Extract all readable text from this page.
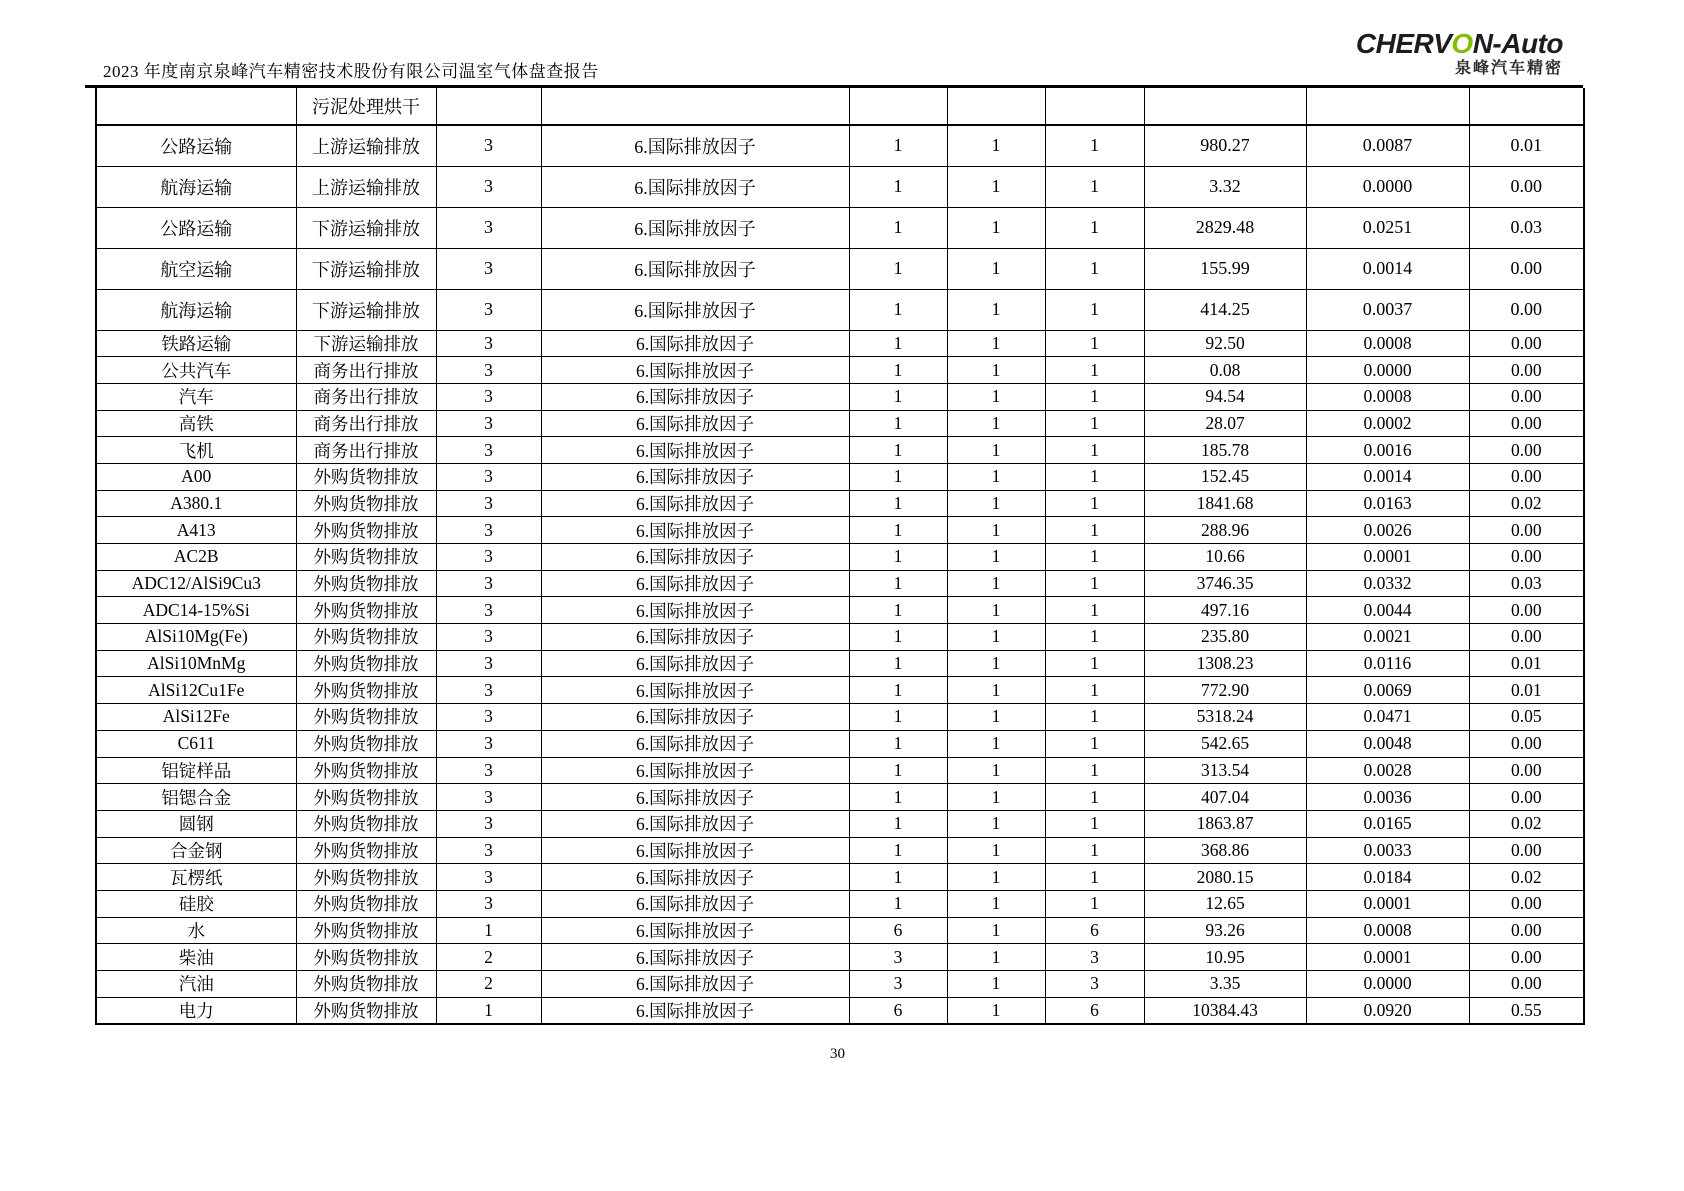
2023 年度南京泉峰汽车精密技术股份有限公司温室气体盘查报告
CHERVON-Auto
泉峰汽车精密
	污泥处理烘干								
公路运输	上游运输排放	3	6.国际排放因子	1	1	1	980.27	0.0087	0.01
航海运输	上游运输排放	3	6.国际排放因子	1	1	1	3.32	0.0000	0.00
公路运输	下游运输排放	3	6.国际排放因子	1	1	1	2829.48	0.0251	0.03
航空运输	下游运输排放	3	6.国际排放因子	1	1	1	155.99	0.0014	0.00
航海运输	下游运输排放	3	6.国际排放因子	1	1	1	414.25	0.0037	0.00
铁路运输	下游运输排放	3	6.国际排放因子	1	1	1	92.50	0.0008	0.00
公共汽车	商务出行排放	3	6.国际排放因子	1	1	1	0.08	0.0000	0.00
汽车	商务出行排放	3	6.国际排放因子	1	1	1	94.54	0.0008	0.00
高铁	商务出行排放	3	6.国际排放因子	1	1	1	28.07	0.0002	0.00
飞机	商务出行排放	3	6.国际排放因子	1	1	1	185.78	0.0016	0.00
A00	外购货物排放	3	6.国际排放因子	1	1	1	152.45	0.0014	0.00
A380.1	外购货物排放	3	6.国际排放因子	1	1	1	1841.68	0.0163	0.02
A413	外购货物排放	3	6.国际排放因子	1	1	1	288.96	0.0026	0.00
AC2B	外购货物排放	3	6.国际排放因子	1	1	1	10.66	0.0001	0.00
ADC12/AlSi9Cu3	外购货物排放	3	6.国际排放因子	1	1	1	3746.35	0.0332	0.03
ADC14-15%Si	外购货物排放	3	6.国际排放因子	1	1	1	497.16	0.0044	0.00
AlSi10Mg(Fe)	外购货物排放	3	6.国际排放因子	1	1	1	235.80	0.0021	0.00
AlSi10MnMg	外购货物排放	3	6.国际排放因子	1	1	1	1308.23	0.0116	0.01
AlSi12Cu1Fe	外购货物排放	3	6.国际排放因子	1	1	1	772.90	0.0069	0.01
AlSi12Fe	外购货物排放	3	6.国际排放因子	1	1	1	5318.24	0.0471	0.05
C611	外购货物排放	3	6.国际排放因子	1	1	1	542.65	0.0048	0.00
铝锭样品	外购货物排放	3	6.国际排放因子	1	1	1	313.54	0.0028	0.00
铝锶合金	外购货物排放	3	6.国际排放因子	1	1	1	407.04	0.0036	0.00
圆钢	外购货物排放	3	6.国际排放因子	1	1	1	1863.87	0.0165	0.02
合金钢	外购货物排放	3	6.国际排放因子	1	1	1	368.86	0.0033	0.00
瓦楞纸	外购货物排放	3	6.国际排放因子	1	1	1	2080.15	0.0184	0.02
硅胶	外购货物排放	3	6.国际排放因子	1	1	1	12.65	0.0001	0.00
水	外购货物排放	1	6.国际排放因子	6	1	6	93.26	0.0008	0.00
柴油	外购货物排放	2	6.国际排放因子	3	1	3	10.95	0.0001	0.00
汽油	外购货物排放	2	6.国际排放因子	3	1	3	3.35	0.0000	0.00
电力	外购货物排放	1	6.国际排放因子	6	1	6	10384.43	0.0920	0.55
30
